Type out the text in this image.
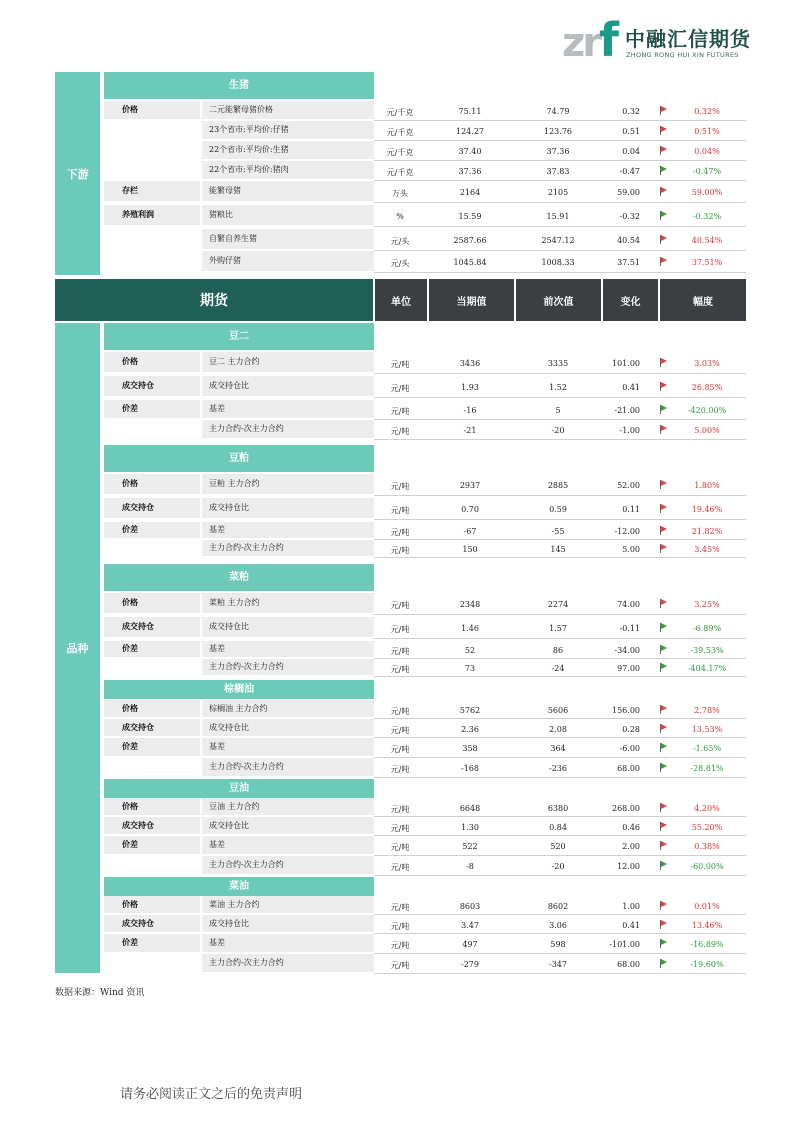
zrf 中融汇信期货
ZHONG RONG HUI XIN FUTURES
下游
生猪
期货	单位	当期值	前次值	变化	幅度
品种
价格	二元能繁母猪价格	元/千克	75.11	74.79	0.32	0.32%
23个省市:平均价:仔猪	元/千克	124.27	123.76	0.51	0.51%
22个省市:平均价:生猪	元/千克	37.40	37.36	0.04	0.04%
22个省市:平均价:猪肉	元/千克	37.36	37.83	-0.47	-0.47%
存栏	能繁母猪	万头	2164	2105	59.00	59.00%
养殖利润	猪粮比	%	15.59	15.91	-0.32	-0.32%
自繁自养生猪	元/头	2587.66	2547.12	40.54	40.54%
外购仔猪	元/头	1045.84	1008.33	37.51	37.51%
豆二
价格	豆二 主力合约	元/吨	3436	3335	101.00	3.03%
成交持仓	成交持仓比	元/吨	1.93	1.52	0.41	26.85%
价差	基差	元/吨	-16	5	-21.00	-420.00%
主力合约-次主力合约	元/吨	-21	-20	-1.00	5.00%
豆粕
价格	豆粕 主力合约	元/吨	2937	2885	52.00	1.80%
成交持仓	成交持仓比	元/吨	0.70	0.59	0.11	19.46%
价差	基差	元/吨	-67	-55	-12.00	21.82%
主力合约-次主力合约	元/吨	150	145	5.00	3.45%
菜粕
价格	菜粕 主力合约	元/吨	2348	2274	74.00	3.25%
成交持仓	成交持仓比	元/吨	1.46	1.57	-0.11	-6.89%
价差	基差	元/吨	52	86	-34.00	-39.53%
主力合约-次主力合约	元/吨	73	-24	97.00	-404.17%
棕榈油
价格	棕榈油 主力合约	元/吨	5762	5606	156.00	2.78%
成交持仓	成交持仓比	元/吨	2.36	2.08	0.28	13.53%
价差	基差	元/吨	358	364	-6.00	-1.65%
主力合约-次主力合约	元/吨	-168	-236	68.00	-28.81%
豆油
价格	豆油 主力合约	元/吨	6648	6380	268.00	4.20%
成交持仓	成交持仓比	元/吨	1.30	0.84	0.46	55.20%
价差	基差	元/吨	522	520	2.00	0.38%
主力合约-次主力合约	元/吨	-8	-20	12.00	-60.00%
菜油
价格	菜油 主力合约	元/吨	8603	8602	1.00	0.01%
成交持仓	成交持仓比	元/吨	3.47	3.06	0.41	13.46%
价差	基差	元/吨	497	598	-101.00	-16.89%
主力合约-次主力合约	元/吨	-279	-347	68.00	-19.60%
数据来源：Wind 资讯
请务必阅读正文之后的免责声明
